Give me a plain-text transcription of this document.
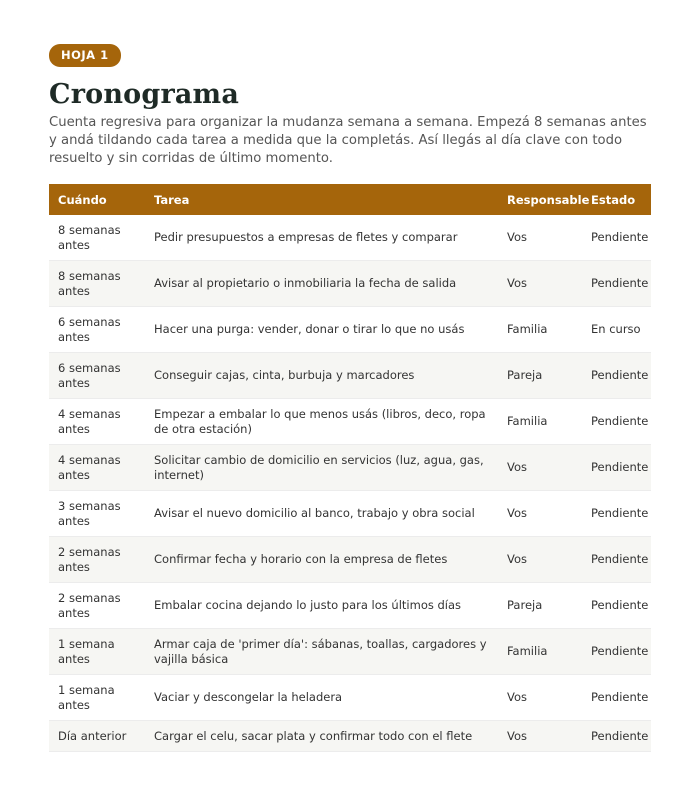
HOJA 1
Cronograma

Cuenta regresiva para organizar la mudanza semana a semana. Empezá 8 semanas antes y andá tildando cada tarea a medida que la completás. Así llegás al día clave con todo resuelto y sin corridas de último momento.

Cuándo	Tarea	Responsable	Estado
8 semanas antes	Pedir presupuestos a empresas de fletes y comparar	Vos	Pendiente
8 semanas antes	Avisar al propietario o inmobiliaria la fecha de salida	Vos	Pendiente
6 semanas antes	Hacer una purga: vender, donar o tirar lo que no usás	Familia	En curso
6 semanas antes	Conseguir cajas, cinta, burbuja y marcadores	Pareja	Pendiente
4 semanas antes	Empezar a embalar lo que menos usás (libros, deco, ropa de otra estación)	Familia	Pendiente
4 semanas antes	Solicitar cambio de domicilio en servicios (luz, agua, gas, internet)	Vos	Pendiente
3 semanas antes	Avisar el nuevo domicilio al banco, trabajo y obra social	Vos	Pendiente
2 semanas antes	Confirmar fecha y horario con la empresa de fletes	Vos	Pendiente
2 semanas antes	Embalar cocina dejando lo justo para los últimos días	Pareja	Pendiente
1 semana antes	Armar caja de 'primer día': sábanas, toallas, cargadores y vajilla básica	Familia	Pendiente
1 semana antes	Vaciar y descongelar la heladera	Vos	Pendiente
Día anterior	Cargar el celu, sacar plata y confirmar todo con el flete	Vos	Pendiente
